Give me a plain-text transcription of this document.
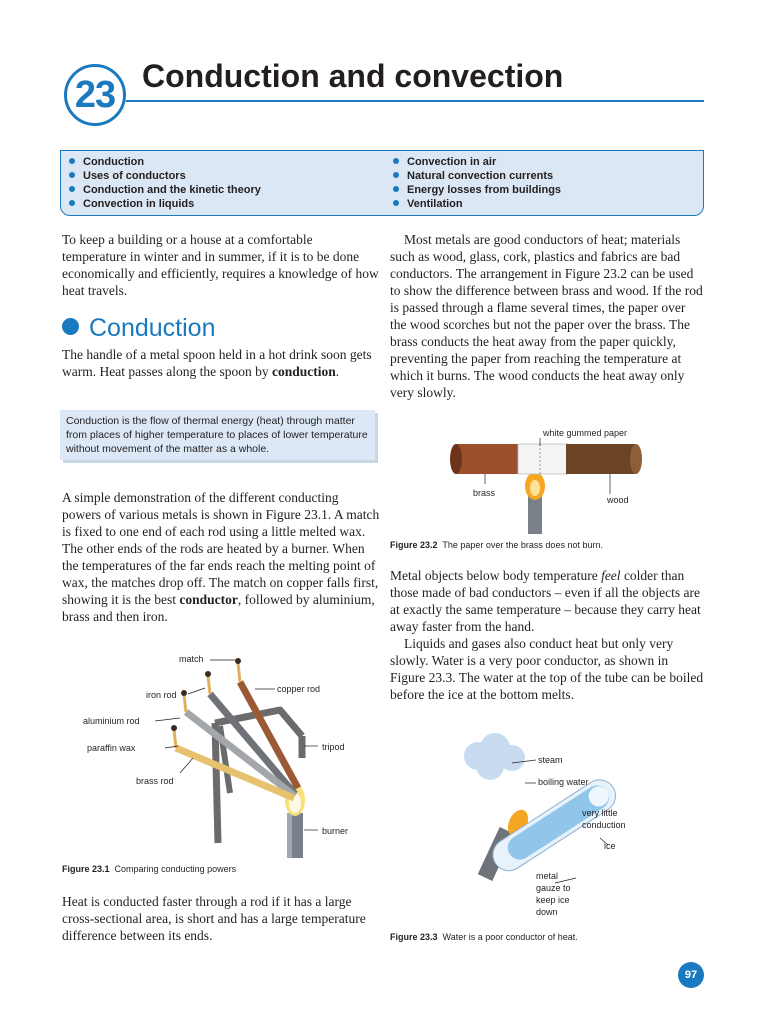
23 Conduction and convection
Conduction
Uses of conductors
Conduction and the kinetic theory
Convection in liquids
Convection in air
Natural convection currents
Energy losses from buildings
Ventilation

To keep a building or a house at a comfortable temperature in winter and in summer, if it is to be done economically and efficiently, requires a knowledge of how heat travels.

Conduction

The handle of a metal spoon held in a hot drink soon gets warm. Heat passes along the spoon by conduction.

Conduction is the flow of thermal energy (heat) through matter from places of higher temperature to places of lower temperature without movement of the matter as a whole.

A simple demonstration of the different conducting powers of various metals is shown in Figure 23.1. A match is fixed to one end of each rod using a little melted wax. The other ends of the rods are heated by a burner. When the temperatures of the far ends reach the melting point of wax, the matches drop off. The match on copper falls first, showing it is the best conductor, followed by aluminium, brass and then iron.

match
iron rod
copper rod
aluminium rod
paraffin wax	tripod
brass rod
burner
Figure 23.1 Comparing conducting powers

Heat is conducted faster through a rod if it has a large cross-sectional area, is short and has a large temperature difference between its ends.

Most metals are good conductors of heat; materials such as wood, glass, cork, plastics and fabrics are bad conductors. The arrangement in Figure 23.2 can be used to show the difference between brass and wood. If the rod is passed through a flame several times, the paper over the wood scorches but not the paper over the brass. The brass conducts the heat away from the paper quickly, preventing the paper from reaching the temperature at which it burns. The wood conducts the heat away only very slowly.

white gummed paper
brass
wood
Figure 23.2 The paper over the brass does not burn.

Metal objects below body temperature feel colder than those made of bad conductors – even if all the objects are at exactly the same temperature – because they carry heat away faster from the hand.

Liquids and gases also conduct heat but only very slowly. Water is a very poor conductor, as shown in Figure 23.3. The water at the top of the tube can be boiled before the ice at the bottom melts.

steam
boiling water
very little
conduction
ice
metal
gauze to
keep ice
down
Figure 23.3 Water is a poor conductor of heat.
97
